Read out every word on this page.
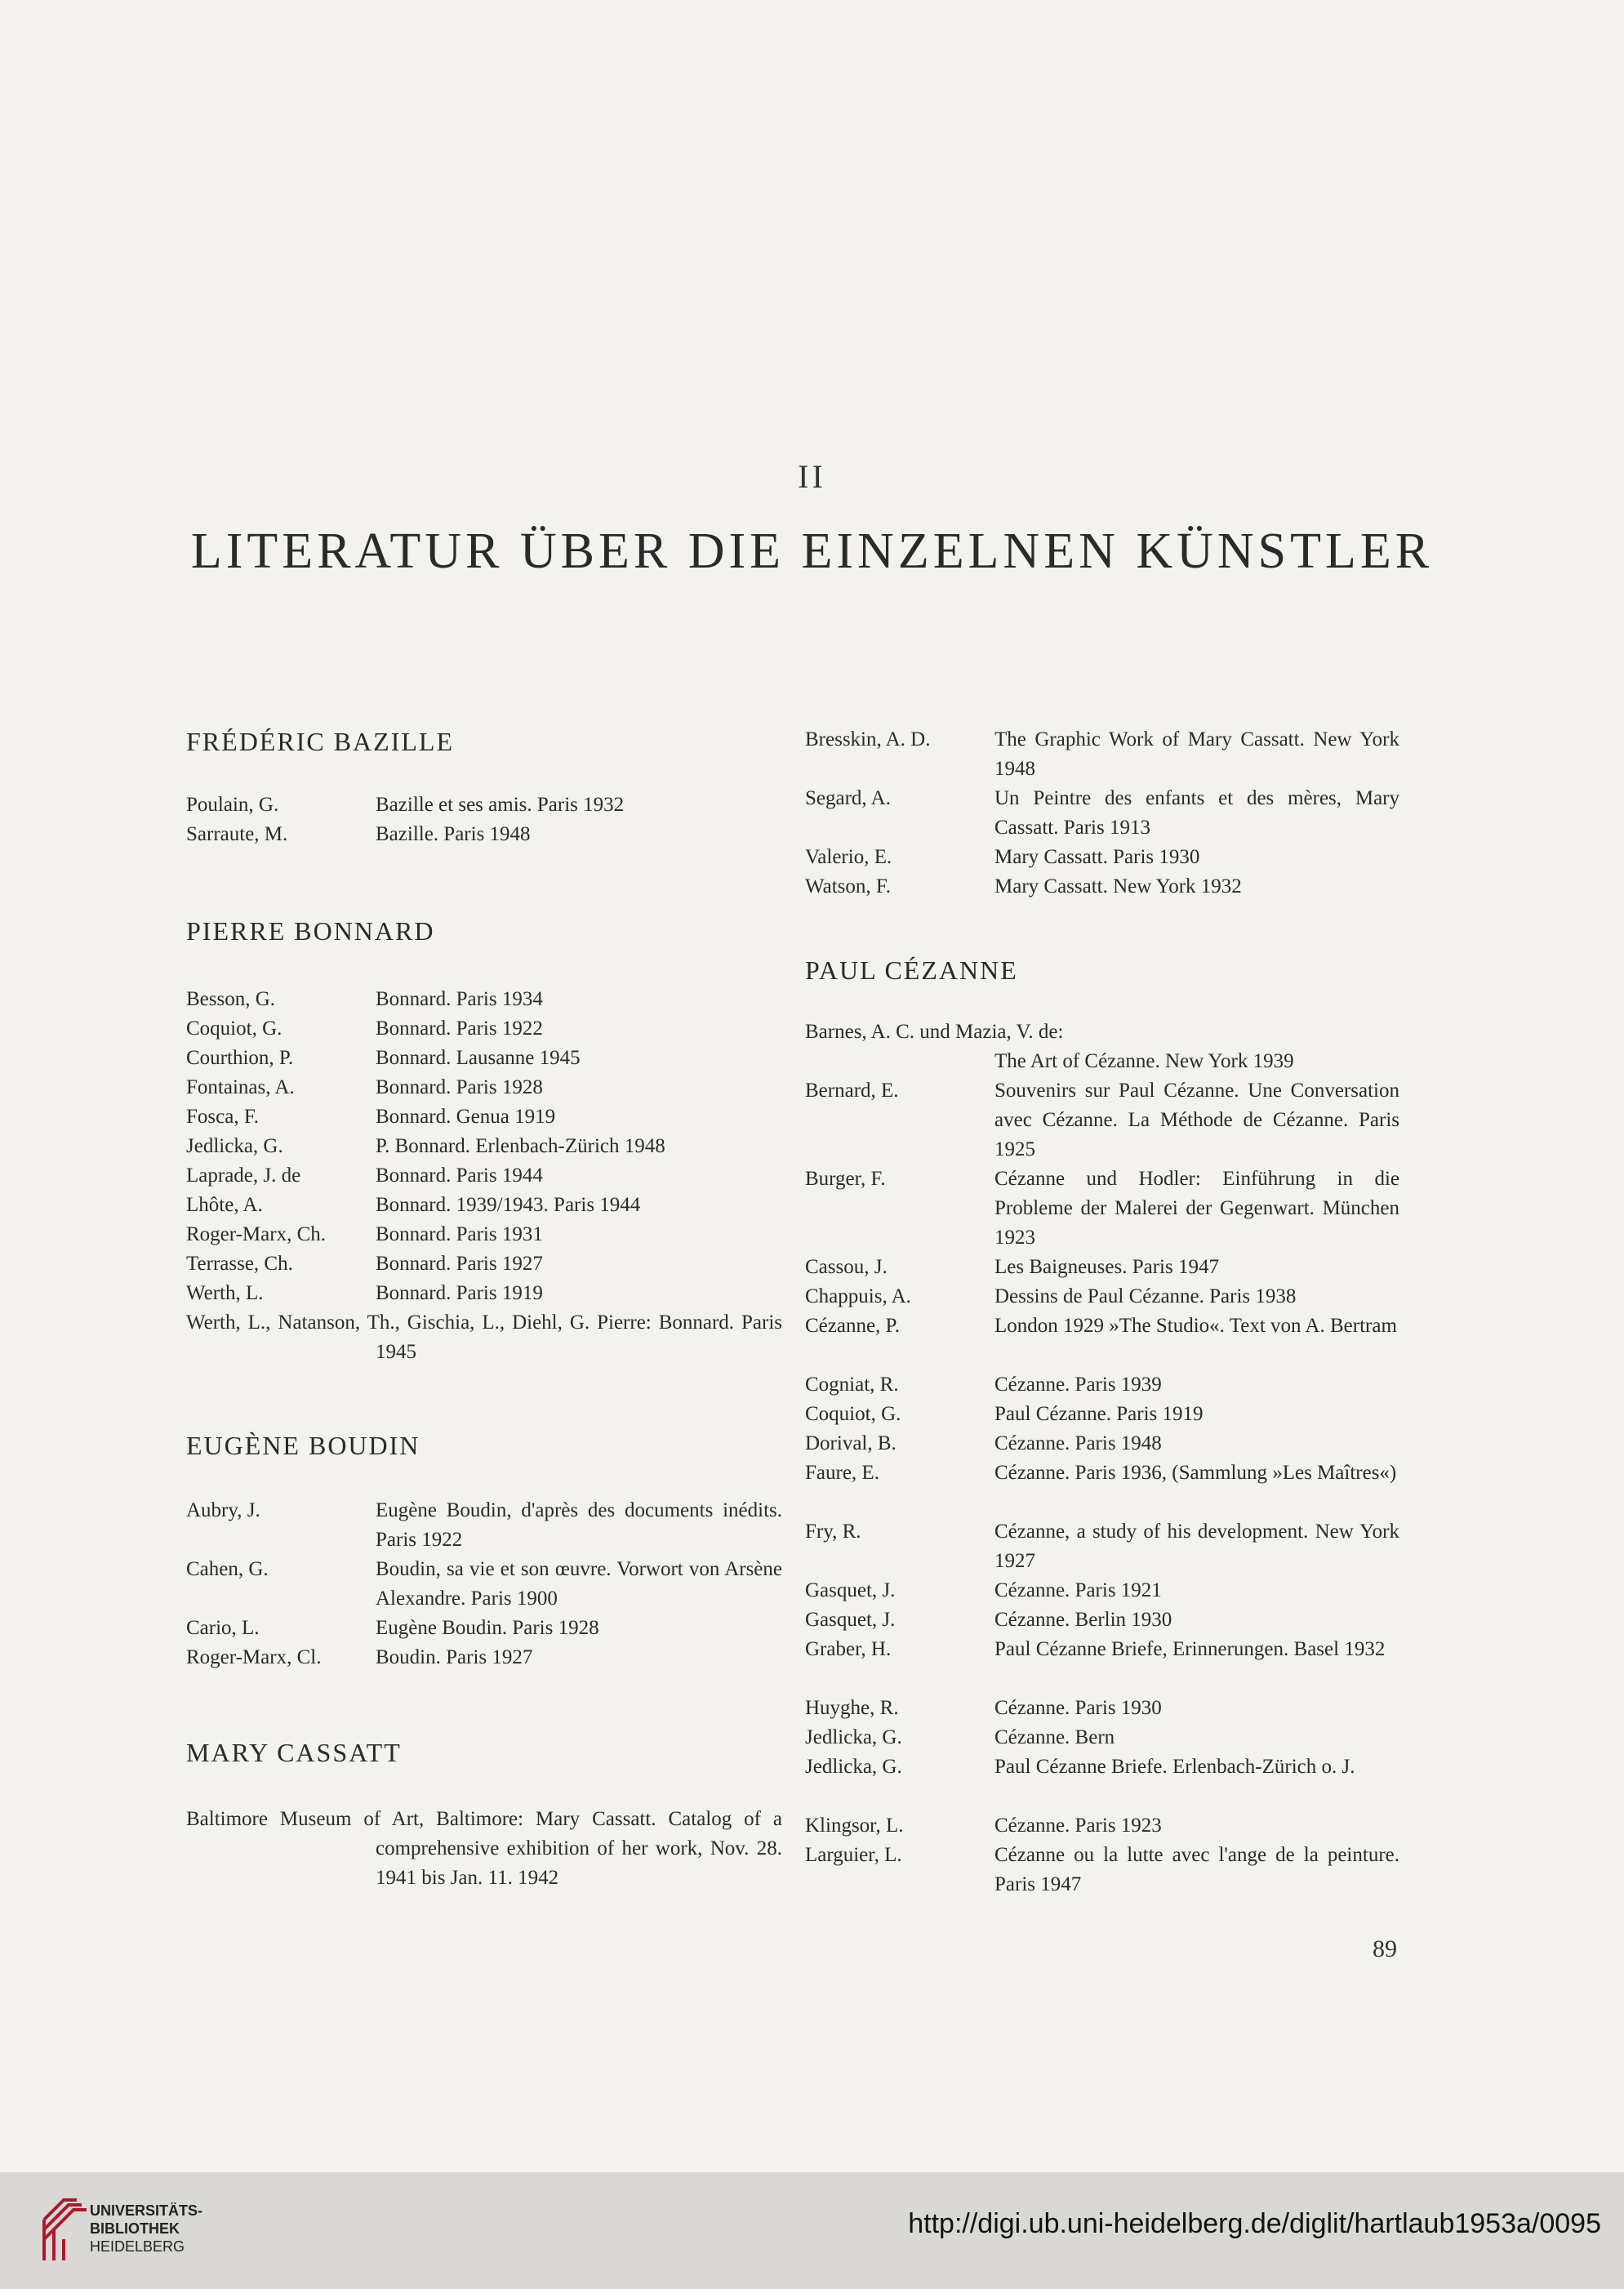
II
LITERATUR ÜBER DIE EINZELNEN KÜNSTLER
FRÉDÉRIC BAZILLE
Poulain, G.	Bazille et ses amis. Paris 1932
Sarraute, M.	Bazille. Paris 1948
PIERRE BONNARD
Besson, G.	Bonnard. Paris 1934
Coquiot, G.	Bonnard. Paris 1922
Courthion, P.	Bonnard. Lausanne 1945
Fontainas, A.	Bonnard. Paris 1928
Fosca, F.	Bonnard. Genua 1919
Jedlicka, G.	P. Bonnard. Erlenbach-Zürich 1948
Laprade, J. de	Bonnard. Paris 1944
Lhôte, A.	Bonnard. 1939/1943. Paris 1944
Roger-Marx, Ch. Bonnard. Paris 1931
Terrasse, Ch.	Bonnard. Paris 1927
Werth, L.	Bonnard. Paris 1919
Werth, L., Natanson, Th., Gischia, L., Diehl, G. Pierre: Bonnard. Paris 1945
EUGÈNE BOUDIN
Aubry, J.	Eugène Boudin, d'après des documents inédits. Paris 1922
Cahen, G.	Boudin, sa vie et son œuvre. Vorwort von Arsène Alexandre. Paris 1900
Cario, L.	Eugène Boudin. Paris 1928
Roger-Marx, Cl.	Boudin. Paris 1927
MARY CASSATT
Baltimore Museum of Art, Baltimore: Mary Cassatt. Catalog of a comprehensive exhibition of her work, Nov. 28. 1941 bis Jan. 11. 1942
Bresskin, A. D.	The Graphic Work of Mary Cassatt. New York 1948
Segard, A.	Un Peintre des enfants et des mères, Mary Cassatt. Paris 1913
Valerio, E.	Mary Cassatt. Paris 1930
Watson, F.	Mary Cassatt. New York 1932
PAUL CÉZANNE
Barnes, A. C. und Mazia, V. de:
The Art of Cézanne. New York 1939
Bernard, E.	Souvenirs sur Paul Cézanne. Une Conversation avec Cézanne. La Méthode de Cézanne. Paris 1925
Burger, F.	Cézanne und Hodler: Einführung in die Probleme der Malerei der Gegenwart. München 1923
Cassou, J.	Les Baigneuses. Paris 1947
Chappuis, A.	Dessins de Paul Cézanne. Paris 1938
Cézanne, P.	London 1929 »The Studio«. Text von A. Bertram
Cogniat, R.	Cézanne. Paris 1939
Coquiot, G.	Paul Cézanne. Paris 1919
Dorival, B.	Cézanne. Paris 1948
Faure, E.	Cézanne. Paris 1936, (Sammlung »Les Maîtres«)
Fry, R.	Cézanne, a study of his development. New York 1927
Gasquet, J.	Cézanne. Paris 1921
Gasquet, J.	Cézanne. Berlin 1930
Graber, H.	Paul Cézanne Briefe, Erinnerungen. Basel 1932
Huyghe, R.	Cézanne. Paris 1930
Jedlicka, G.	Cézanne. Bern
Jedlicka, G.	Paul Cézanne Briefe. Erlenbach-Zürich o. J.
Klingsor, L.	Cézanne. Paris 1923
Larguier, L.	Cézanne ou la lutte avec l'ange de la peinture. Paris 1947
89
UNIVERSITÄTS-
BIBLIOTHEK
HEIDELBERG
http://digi.ub.uni-heidelberg.de/diglit/hartlaub1953a/0095
